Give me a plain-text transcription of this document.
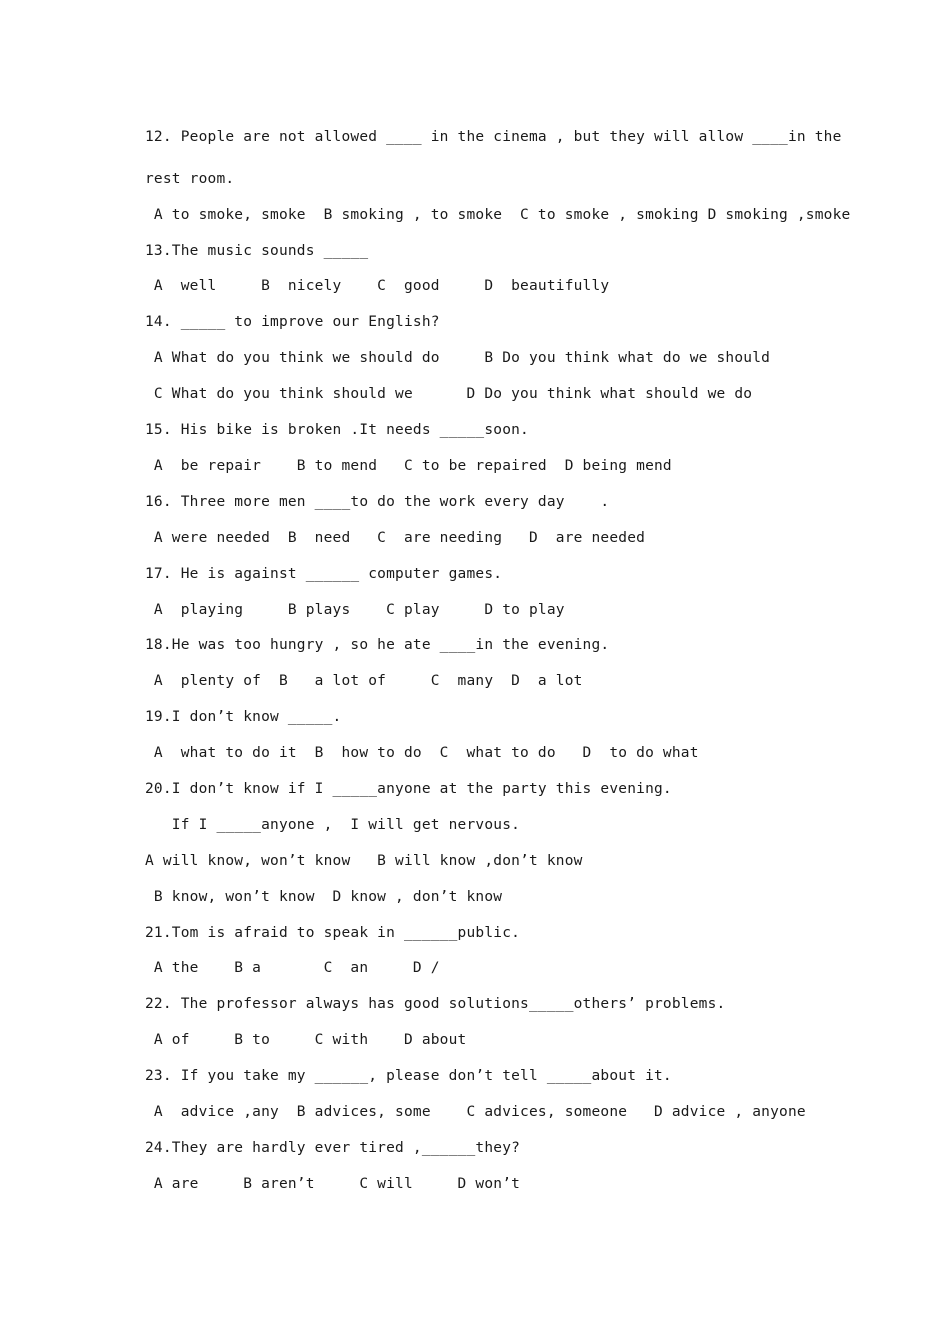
12. People are not allowed ____ in the cinema , but they will allow ____in the
rest room.
A to smoke, smoke  B smoking , to smoke  C to smoke , smoking D smoking ,smoke
13.The music sounds _____
A  well     B  nicely    C  good     D  beautifully
14. _____ to improve our English?
A What do you think we should do     B Do you think what do we should
C What do you think should we      D Do you think what should we do
15. His bike is broken .It needs _____soon.
A  be repair    B to mend   C to be repaired  D being mend
16. Three more men ____to do the work every day    .
A were needed  B  need   C  are needing   D  are needed
17. He is against ______ computer games.
A  playing     B plays    C play     D to play
18.He was too hungry , so he ate ____in the evening.
A  plenty of  B   a lot of     C  many  D  a lot
19.I don’t know _____.
A  what to do it  B  how to do  C  what to do   D  to do what
20.I don’t know if I _____anyone at the party this evening.
If I _____anyone ,  I will get nervous.
A will know, won’t know   B will know ,don’t know
B know, won’t know  D know , don’t know
21.Tom is afraid to speak in ______public.
A the    B a       C  an     D /
22. The professor always has good solutions_____others’ problems.
A of     B to     C with    D about
23. If you take my ______, please don’t tell _____about it.
A  advice ,any  B advices, some    C advices, someone   D advice , anyone
24.They are hardly ever tired ,______they?
A are     B aren’t     C will     D won’t
